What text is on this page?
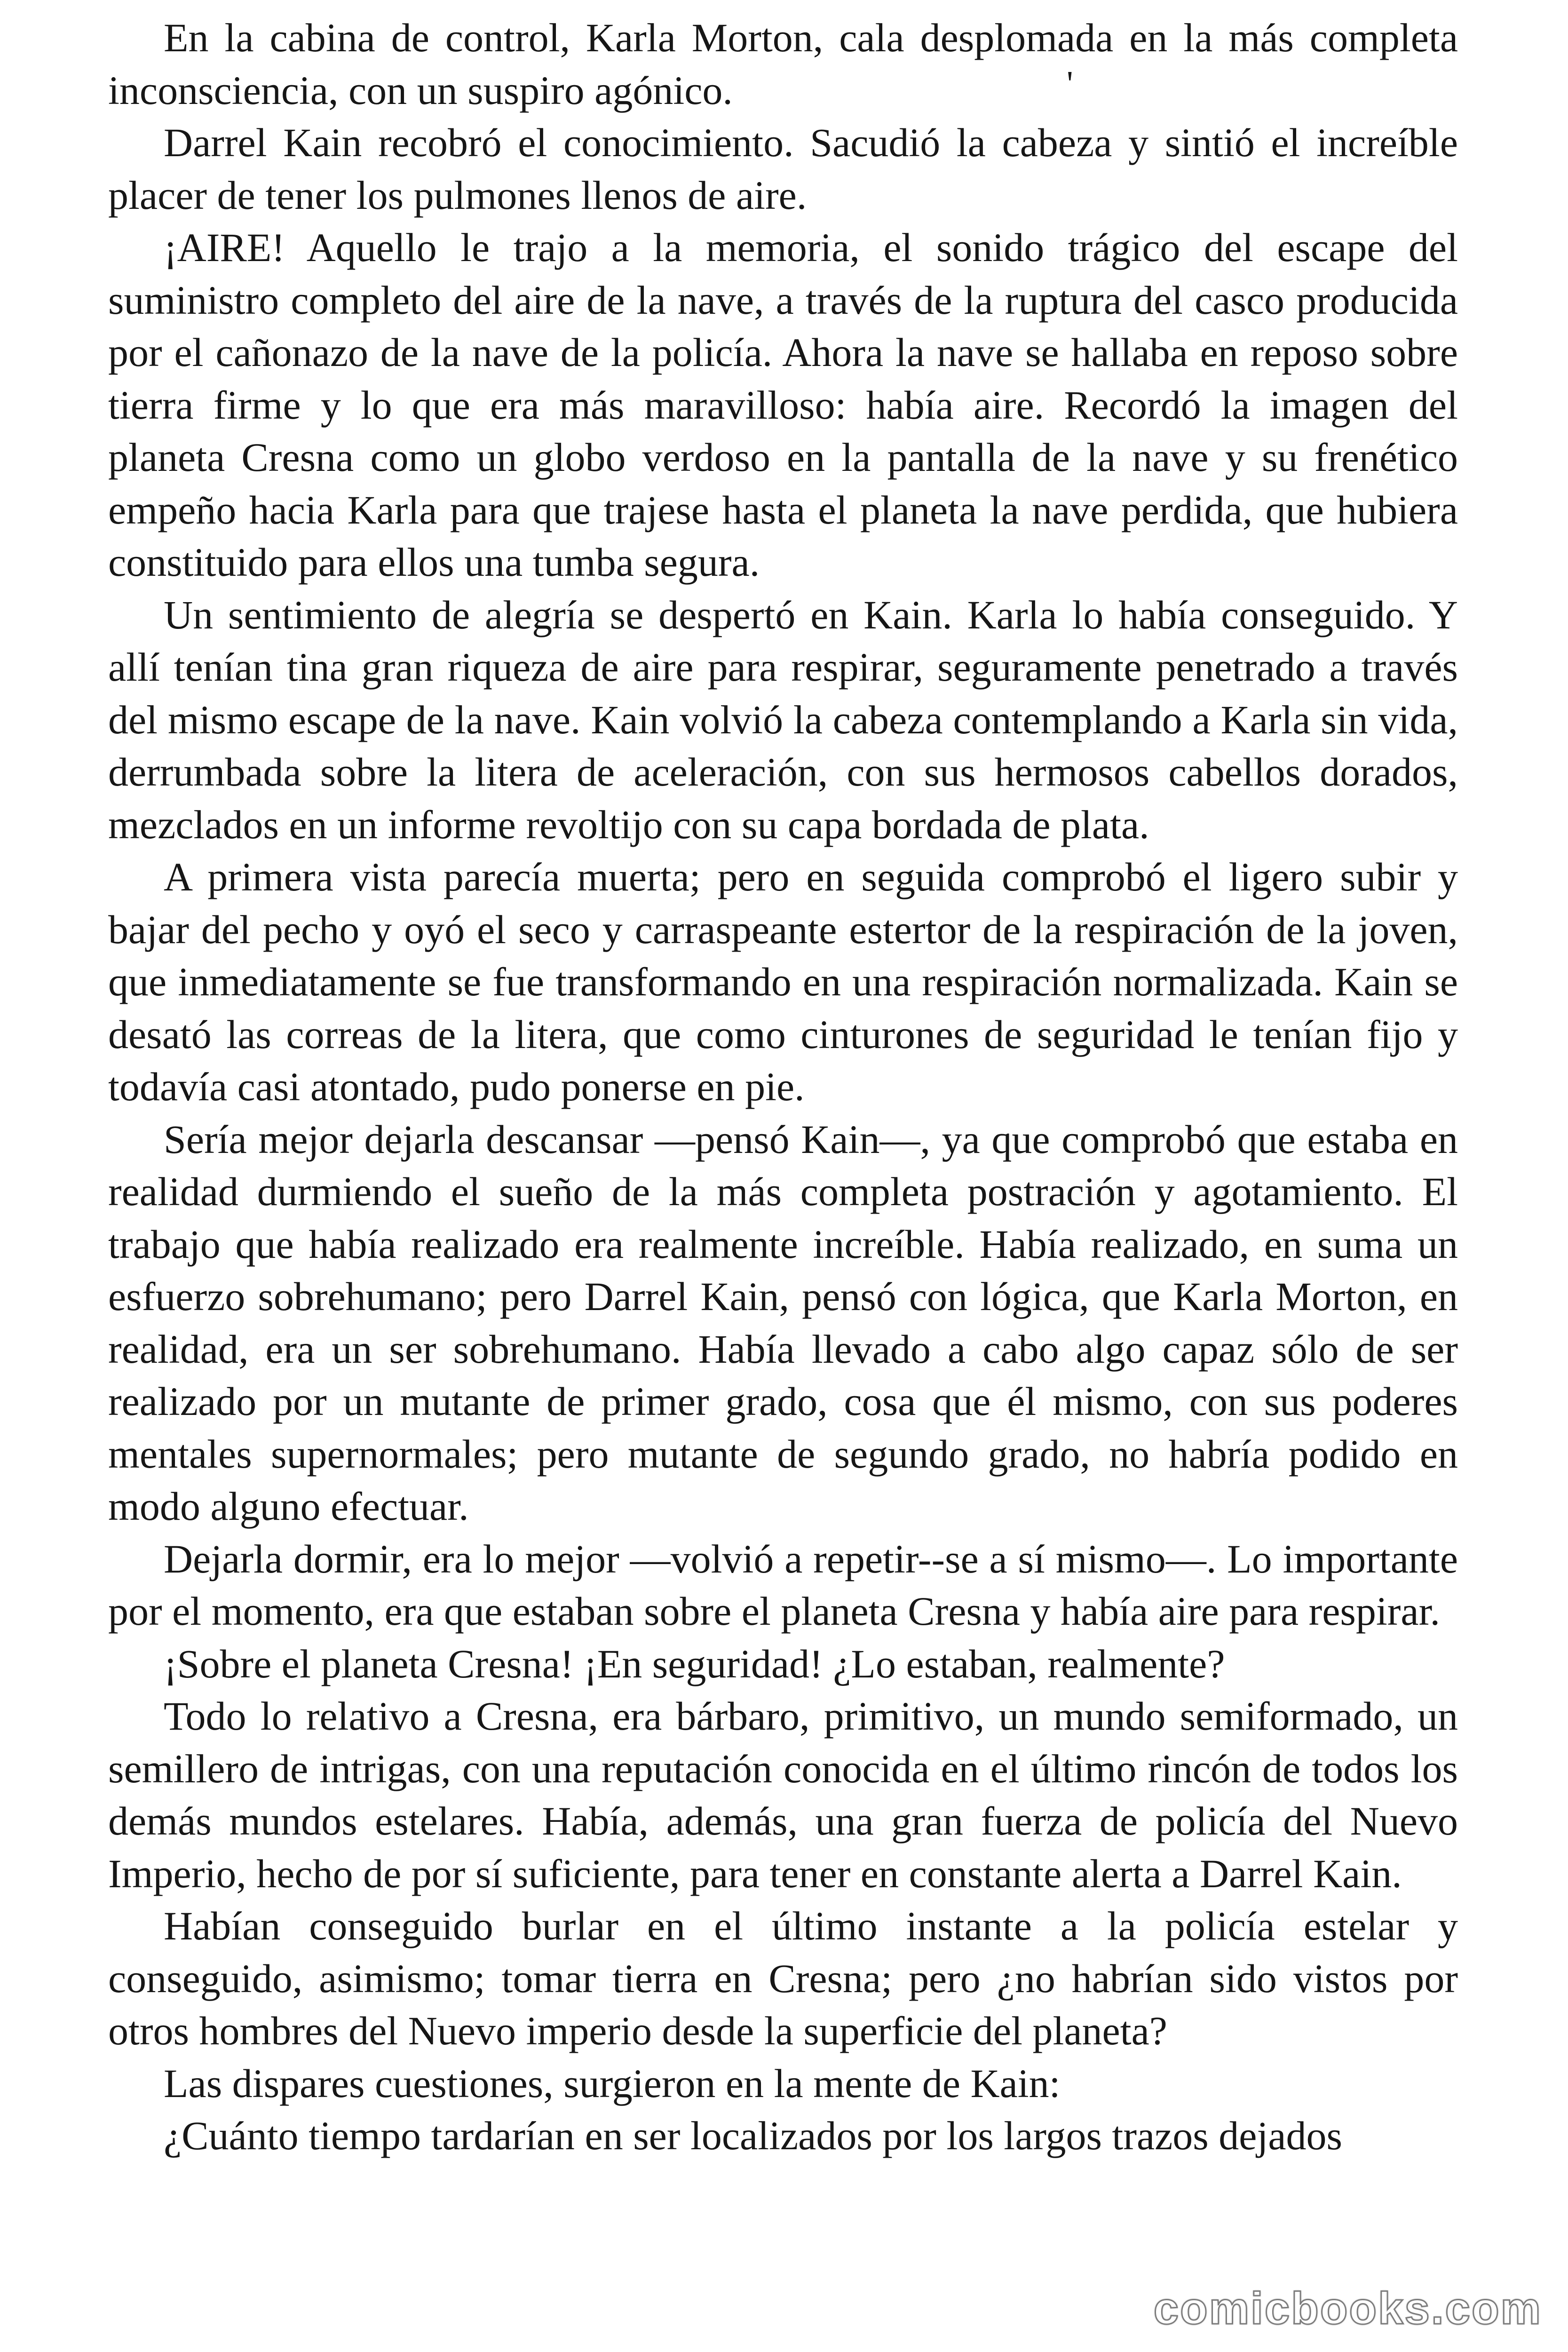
En la cabina de control, Karla Morton, cala desplomada en la más completa inconsciencia, con un suspiro agónico.

Darrel Kain recobró el conocimiento. Sacudió la cabeza y sintió el increíble placer de tener los pulmones llenos de aire.

¡AIRE! Aquello le trajo a la memoria, el sonido trágico del escape del suministro completo del aire de la nave, a través de la ruptura del casco producida por el cañonazo de la nave de la policía. Ahora la nave se hallaba en reposo sobre tierra firme y lo que era más maravilloso: había aire. Recordó la imagen del planeta Cresna como un globo verdoso en la pantalla de la nave y su frenético empeño hacia Karla para que trajese hasta el planeta la nave perdida, que hubiera constituido para ellos una tumba segura.

Un sentimiento de alegría se despertó en Kain. Karla lo había conseguido. Y allí tenían tina gran riqueza de aire para respirar, seguramente penetrado a través del mismo escape de la nave. Kain volvió la cabeza contemplando a Karla sin vida, derrumbada sobre la litera de aceleración, con sus hermosos cabellos dorados, mezclados en un informe revoltijo con su capa bordada de plata.

A primera vista parecía muerta; pero en seguida comprobó el ligero subir y bajar del pecho y oyó el seco y carraspeante estertor de la respiración de la joven, que inmediatamente se fue transformando en una respiración normalizada. Kain se desató las correas de la litera, que como cinturones de seguridad le tenían fijo y todavía casi atontado, pudo ponerse en pie.

Sería mejor dejarla descansar —pensó Kain—, ya que comprobó que estaba en realidad durmiendo el sueño de la más completa postración y agotamiento. El trabajo que había realizado era realmente increíble. Había realizado, en suma un esfuerzo sobrehumano; pero Darrel Kain, pensó con lógica, que Karla Morton, en realidad, era un ser sobrehumano. Había llevado a cabo algo capaz sólo de ser realizado por un mutante de primer grado, cosa que él mismo, con sus poderes mentales supernormales; pero mutante de segundo grado, no habría podido en modo alguno efectuar.

Dejarla dormir, era lo mejor —volvió a repetir--se a sí mismo—. Lo importante por el momento, era que estaban sobre el planeta Cresna y había aire para respirar.

¡Sobre el planeta Cresna! ¡En seguridad! ¿Lo estaban, realmente?

Todo lo relativo a Cresna, era bárbaro, primitivo, un mundo semiformado, un semillero de intrigas, con una reputación conocida en el último rincón de todos los demás mundos estelares. Había, además, una gran fuerza de policía del Nuevo Imperio, hecho de por sí suficiente, para tener en constante alerta a Darrel Kain.

Habían conseguido burlar en el último instante a la policía estelar y conseguido, asimismo; tomar tierra en Cresna; pero ¿no habrían sido vistos por otros hombres del Nuevo imperio desde la superficie del planeta?

Las dispares cuestiones, surgieron en la mente de Kain:

¿Cuánto tiempo tardarían en ser localizados por los largos trazos dejados

'
comicbooks.com
